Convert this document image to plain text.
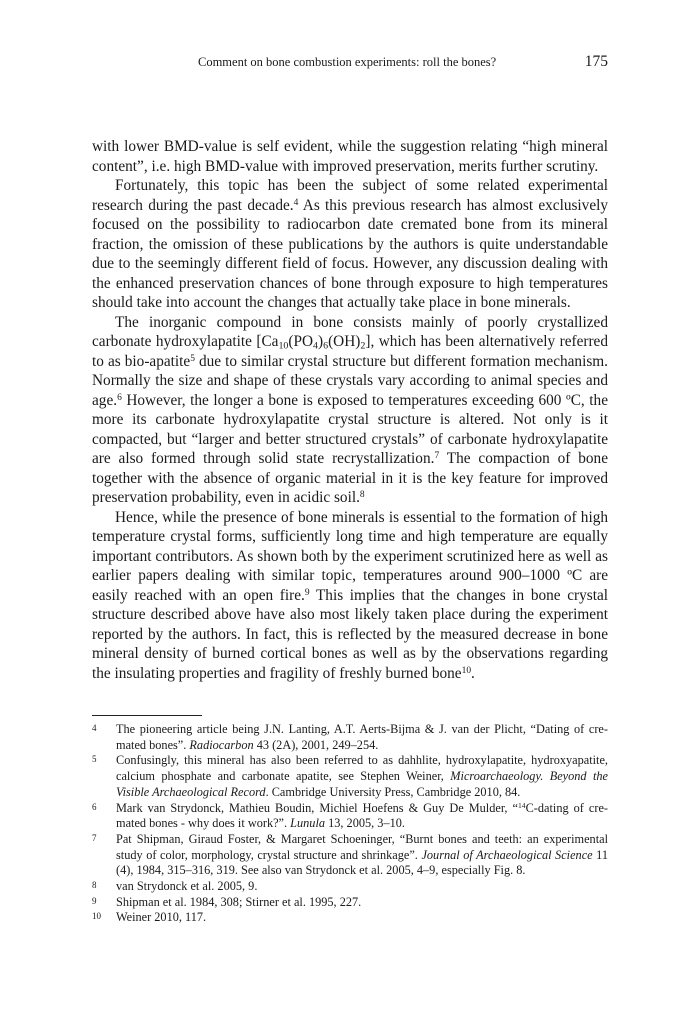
Comment on bone combustion experiments: roll the bones?	175

with lower BMD-value is self evident, while the suggestion relating “high mineral content”, i.e. high BMD-value with improved preservation, merits further scrutiny.

Fortunately, this topic has been the subject of some related experimental research during the past decade.$^4$ As this previous research has almost exclusively focused on the possibility to radiocarbon date cremated bone from its mineral fraction, the omission of these publications by the authors is quite understandable due to the seemingly different field of focus. However, any discussion dealing with the enhanced preservation chances of bone through exposure to high temperatures should take into account the changes that actually take place in bone minerals.

The inorganic compound in bone consists mainly of poorly crystallized carbonate hydroxylapatite $[Ca_{10}(PO_4)_6(OH)_2]$, which has been alternatively referred to as bio-apatite$^5$ due to similar crystal structure but different formation mechanism. Normally the size and shape of these crystals vary according to animal species and age.$^6$ However, the longer a bone is exposed to temperatures exceeding 600 ºC, the more its carbonate hydroxylapatite crystal structure is altered. Not only is it compacted, but “larger and better structured crystals” of carbonate hydroxylapatite are also formed through solid state recrystallization.$^7$ The compaction of bone together with the absence of organic material in it is the key feature for improved preservation probability, even in acidic soil.$^8$

Hence, while the presence of bone minerals is essential to the formation of high temperature crystal forms, sufficiently long time and high temperature are equally important contributors. As shown both by the experiment scrutinized here as well as earlier papers dealing with similar topic, temperatures around 900–1000 ºC are easily reached with an open fire.$^9$ This implies that the changes in bone crystal structure described above have also most likely taken place during the experiment reported by the authors. In fact, this is reflected by the measured decrease in bone mineral density of burned cortical bones as well as by the observations regarding the insulating properties and fragility of freshly burned bone$^{10}$.

4 The pioneering article being J.N. Lanting, A.T. Aerts-Bijma & J. van der Plicht, “Dating of cre-mated bones”. Radiocarbon 43 (2A), 2001, 249–254.
5 Confusingly, this mineral has also been referred to as dahhlite, hydroxylapatite, hydroxyapatite, calcium phosphate and carbonate apatite, see Stephen Weiner, Microarchaeology. Beyond the Visible Archaeological Record. Cambridge University Press, Cambridge 2010, 84.
6 Mark van Strydonck, Mathieu Boudin, Michiel Hoefens & Guy De Mulder, “$^{14}$C-dating of cre-mated bones - why does it work?”. Lunula 13, 2005, 3–10.
7 Pat Shipman, Giraud Foster, & Margaret Schoeninger, “Burnt bones and teeth: an experimental study of color, morphology, crystal structure and shrinkage”. Journal of Archaeological Science 11 (4), 1984, 315–316, 319. See also van Strydonck et al. 2005, 4–9, especially Fig. 8.
8 van Strydonck et al. 2005, 9.
9 Shipman et al. 1984, 308; Stirner et al. 1995, 227.
10 Weiner 2010, 117.
